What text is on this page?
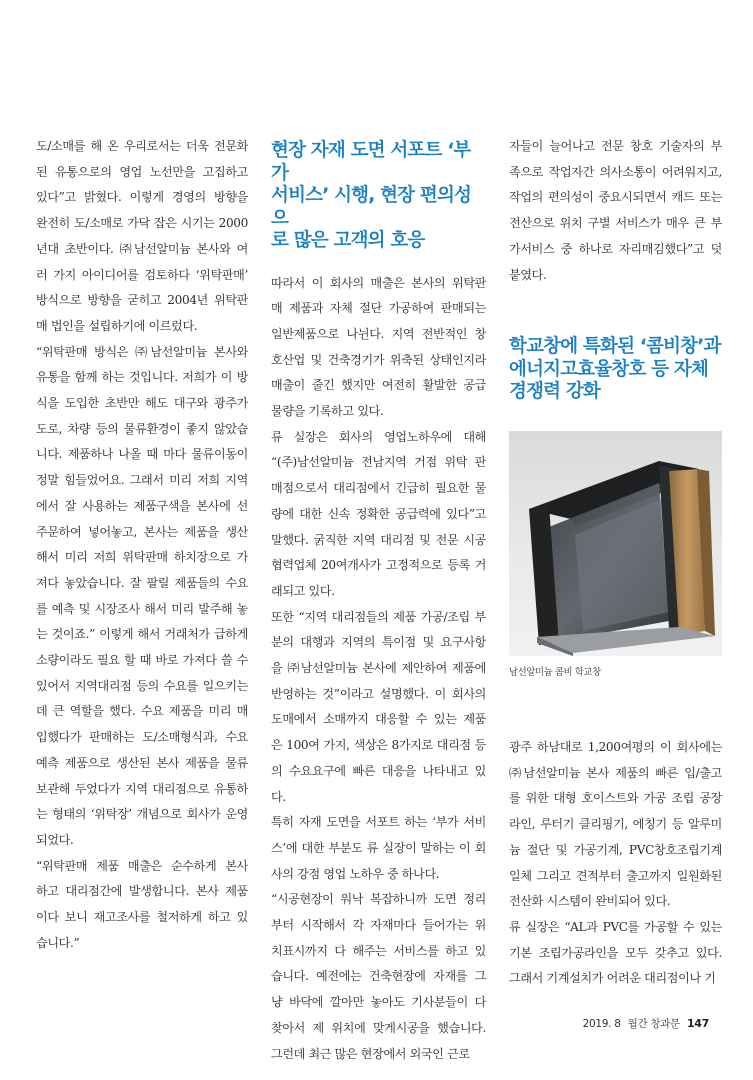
도/소매를 해 온 우리로서는 더욱 전문화

된 유통으로의 영업 노선만을 고집하고

있다”고 밝혔다. 이렇게 경영의 방향을

완전히 도/소매로 가닥 잡은 시기는 2000

년대 초반이다. ㈜남선알미늄 본사와 여

러 가지 아이디어를 검토하다 ‘위탁판매’

방식으로 방향을 굳히고 2004년 위탁판

매 법인을 설립하기에 이르렀다.

“위탁판매 방식은 ㈜남선알미늄 본사와

유통을 함께 하는 것입니다. 저희가 이 방

식을 도입한 초반만 해도 대구와 광주가

도로, 차량 등의 물류환경이 좋지 않았습

니다. 제품하나 나올 때 마다 물류이동이

정말 힘들었어요. 그래서 미리 저희 지역

에서 잘 사용하는 제품구색을 본사에 선

주문하여 넣어놓고, 본사는 제품을 생산

해서 미리 저희 위탁판매 하치장으로 가

져다 놓았습니다. 잘 팔릴 제품들의 수요

를 예측 및 시장조사 해서 미리 발주해 놓

는 것이죠.” 이렇게 해서 거래처가 급하게

소량이라도 필요 할 때 바로 가져다 쓸 수

있어서 지역대리점 등의 수요를 일으키는

데 큰 역할을 했다. 수요 제품을 미리 매

입했다가 판매하는 도/소매형식과, 수요

예측 제품으로 생산된 본사 제품을 물류

보관해 두었다가 지역 대리점으로 유통하

는 형태의 ‘위탁장’ 개념으로 회사가 운영

되었다.

“위탁판매 제품 매출은 순수하게 본사

하고 대리점간에 발생합니다. 본사 제품

이다 보니 재고조사를 철저하게 하고 있

습니다.”

현장 자재 도면 서포트 ‘부가
서비스’ 시행, 현장 편의성으
로 많은 고객의 호응

따라서 이 회사의 매출은 본사의 위탁판

매 제품과 자체 절단 가공하여 판매되는

일반제품으로 나뉜다. 지역 전반적인 창

호산업 및 건축경기가 위축된 상태인지라

매출이 줄긴 했지만 여전히 활발한 공급

물량을 기록하고 있다.

류 실장은 회사의 영업노하우에 대해

“(주)남선알미늄 전남지역 거점 위탁 판

매점으로서 대리점에서 긴급히 필요한 물

량에 대한 신속 정확한 공급력에 있다”고

말했다. 굵직한 지역 대리점 및 전문 시공

협력업체 20여개사가 고정적으로 등록 거

래되고 있다.

또한 “지역 대리점들의 제품 가공/조립 부

분의 대행과 지역의 특이점 및 요구사항

을 ㈜남선알미늄 본사에 제안하여 제품에

반영하는 것”이라고 설명했다. 이 회사의

도매에서 소매까지 대응할 수 있는 제품

은 100여 가지, 색상은 8가지로 대리점 등

의 수요요구에 빠른 대응을 나타내고 있

다.

특히 자재 도면을 서포트 하는 ‘부가 서비

스’에 대한 부분도 류 실장이 말하는 이 회

사의 강점 영업 노하우 중 하나다.

“시공현장이 워낙 복잡하니까 도면 정리

부터 시작해서 각 자재마다 들어가는 위

치표시까지 다 해주는 서비스를 하고 있

습니다. 예전에는 건축현장에 자재를 그

냥 바닥에 깔아만 놓아도 기사분들이 다

찾아서 제 위치에 맞게시공을 했습니다.

그런데 최근 많은 현장에서 외국인 근로

자들이 늘어나고 전문 창호 기술자의 부

족으로 작업자간 의사소통이 어려워지고,

작업의 편의성이 중요시되면서 캐드 또는

전산으로 위치 구별 서비스가 매우 큰 부

가서비스 중 하나로 자리매김했다”고 덧

붙였다.

학교창에 특화된 ‘콤비창’과
에너지고효율창호 등 자체
경쟁력 강화
남선알미늄 콤비 학교창

광주 하남대로 1,200여평의 이 회사에는

㈜남선알미늄 본사 제품의 빠른 입/출고

를 위한 대형 호이스트와 가공 조립 공장

라인, 루터기 클리핑기, 에칭기 등 알루미

늄 절단 및 가공기계, PVC창호조립기계

일체 그리고 견적부터 출고까지 일원화된

전산화 시스템이 완비되어 있다.

류 실장은 “AL과 PVC를 가공할 수 있는

기본 조립가공라인을 모두 갖추고 있다.

그래서 기계설치가 어려운 대리점이나 기

2019. 8 월간 창과문 147
